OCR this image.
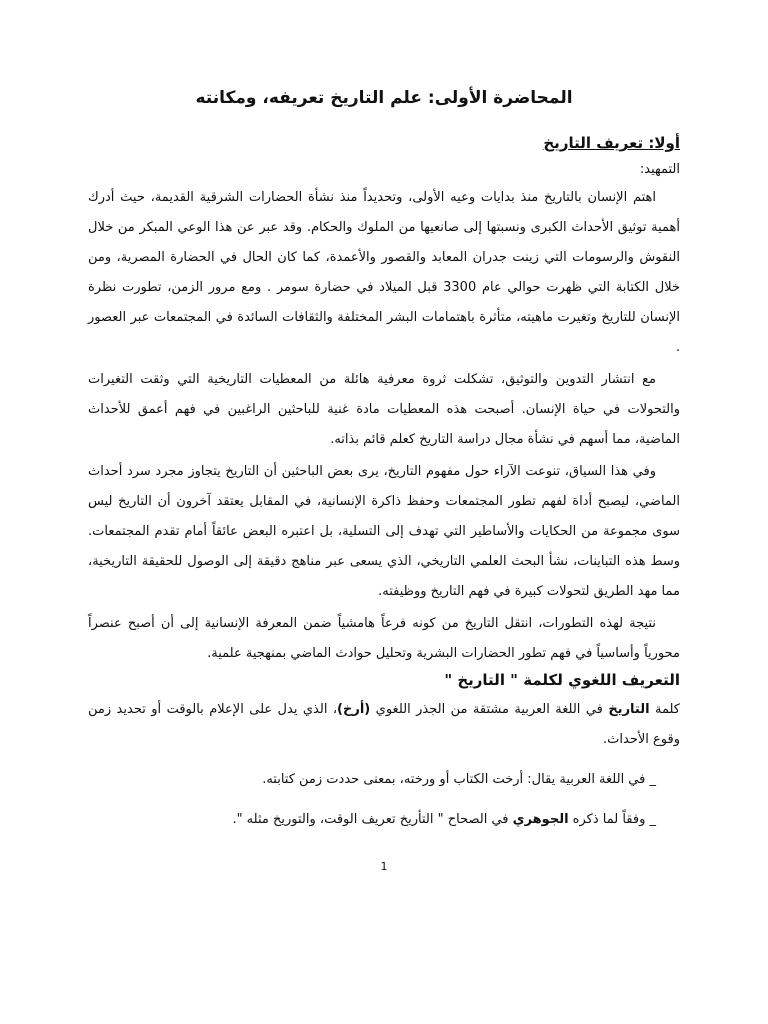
المحاضرة الأولى: علم التاريخ تعريفه، ومكانته
أولا: تعريف التاريخ
التمهيد:

اهتم الإنسان بالتاريخ منذ بدايات وعيه الأولى، وتحديداً منذ نشأة الحضارات الشرقية القديمة، حيث أدرك أهمية توثيق الأحداث الكبرى ونسبتها إلى صانعيها من الملوك والحكام. وقد عبر عن هذا الوعي المبكر من خلال النقوش والرسومات التي زينت جدران المعابد والقصور والأعمدة، كما كان الحال في الحضارة المصرية، ومن خلال الكتابة التي ظهرت حوالي عام 3300 قبل الميلاد في حضارة سومر . ومع مرور الزمن، تطورت نظرة الإنسان للتاريخ وتغيرت ماهيته، متأثرة باهتمامات البشر المختلفة والثقافات السائدة في المجتمعات عبر العصور .

مع انتشار التدوين والتوثيق، تشكلت ثروة معرفية هائلة من المعطيات التاريخية التي وثقت التغيرات والتحولات في حياة الإنسان. أصبحت هذه المعطيات مادة غنية للباحثين الراغبين في فهم أعمق للأحداث الماضية، مما أسهم في نشأة مجال دراسة التاريخ كعلم قائم بذاته.

وفي هذا السياق، تنوعت الآراء حول مفهوم التاريخ، يرى بعض الباحثين أن التاريخ يتجاوز مجرد سرد أحداث الماضي، ليصبح أداة لفهم تطور المجتمعات وحفظ ذاكرة الإنسانية، في المقابل يعتقد آخرون أن التاريخ ليس سوى مجموعة من الحكايات والأساطير التي تهدف إلى التسلية، بل اعتبره البعض عائقاً أمام تقدم المجتمعات. وسط هذه التباينات، نشأ البحث العلمي التاريخي، الذي يسعى عبر مناهج دقيقة إلى الوصول للحقيقة التاريخية، مما مهد الطريق لتحولات كبيرة في فهم التاريخ ووظيفته.

نتيجة لهذه التطورات، انتقل التاريخ من كونه فرعاً هامشياً ضمن المعرفة الإنسانية إلى أن أصبح عنصراً محورياً وأساسياً في فهم تطور الحضارات البشرية وتحليل حوادث الماضي بمنهجية علمية.

التعريف اللغوي لكلمة " التاريخ "

كلمة التاريخ في اللغة العربية مشتقة من الجذر اللغوي (أرخ)، الذي يدل على الإعلام بالوقت أو تحديد زمن وقوع الأحداث.

_ في اللغة العربية يقال: أرخت الكتاب أو ورخته، بمعنى حددت زمن كتابته.
_ وفقاً لما ذكره الجوهري في الصحاح " التأريخ تعريف الوقت، والتوريخ مثله ".
1
